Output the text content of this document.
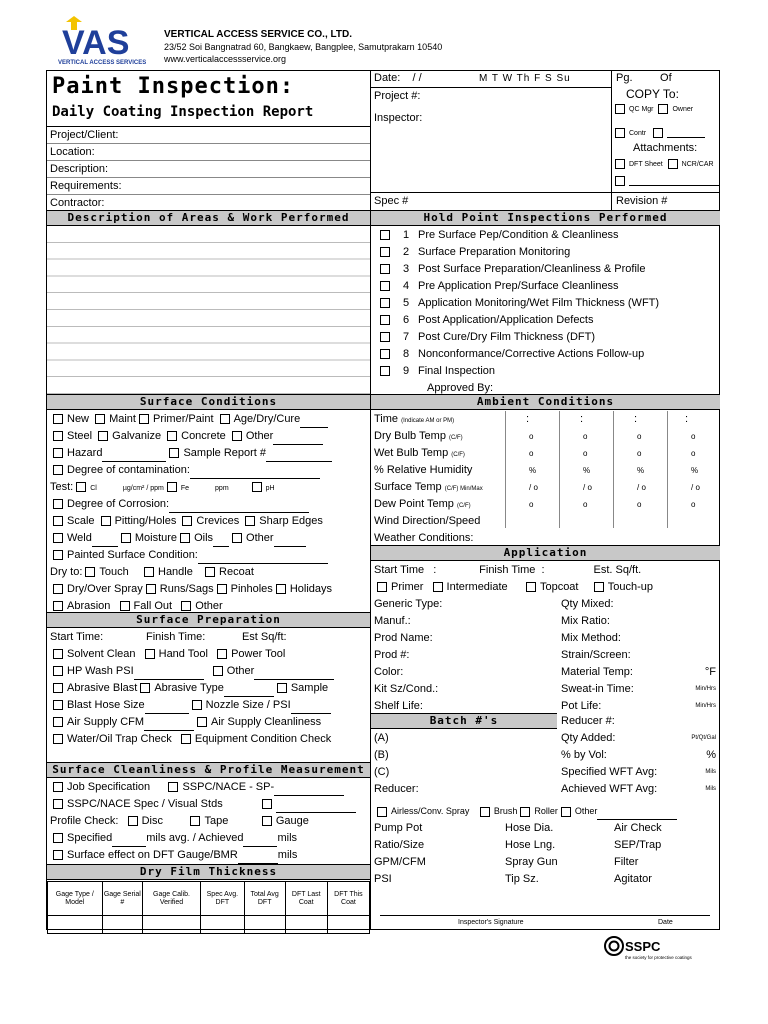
VAS
VERTICAL ACCESS SERVICES
VERTICAL ACCESS SERVICE CO., LTD.
23/52 Soi Bangnatrad 60, Bangkaew, Bangplee, Samutprakarn 10540
www.verticalaccessservice.org
Paint Inspection:
Daily Coating Inspection Report
Project/Client:
Location:
Description:
Requirements:
Contractor:
Date: / /	M T W Th F S Su	Pg.	Of
Project #:
Inspector:
COPY To:
QC Mgr	Owner
Contr
Attachments:
DFT Sheet	NCR/CAR
Spec #	Revision #
Description of Areas & Work Performed	Hold Point Inspections Performed
1 Pre Surface Pep/Condition & Cleanliness
2 Surface Preparation Monitoring
3 Post Surface Preparation/Cleanliness & Profile
4 Pre Application Prep/Surface Cleanliness
5 Application Monitoring/Wet Film Thickness (WFT)
6 Post Application/Application Defects
7 Post Cure/Dry Film Thickness (DFT)
8 Nonconformance/Corrective Actions Follow-up
9 Final Inspection
Approved By:
Surface Conditions	Ambient Conditions
New Maint Primer/Paint Age/Dry/Cure
Steel Galvanize Concrete Other
Hazard	Sample Report #
Degree of contamination:
Test: Cl	µg/cm² / ppm Fe	ppm	pH
Degree of Corrosion:
Scale Pitting/Holes Crevices Sharp Edges
Weld	Moisture Oils	Other
Painted Surface Condition:
Dry to: Touch	Handle Recoat
Dry/Over Spray Runs/Sags Pinholes Holidays
Abrasion Fall Out Other
Time (Indicate AM or PM)	:	:	:	:
Dry Bulb Temp (C/F)	o	o	o	o
Wet Bulb Temp (C/F)	o	o	o	o
% Relative Humidity	%	%	%	%
Surface Temp (C/F) Min/Max	/ o	/ o	/ o	/ o
Dew Point Temp (C/F)	o	o	o	o
Wind Direction/Speed
Weather Conditions:
Application
Surface Preparation
Start Time:	Finish Time:	Est Sq/ft:
Solvent Clean Hand Tool Power Tool
HP Wash PSI	Other
Abrasive Blast Abrasive Type	Sample
Blast Hose Size	Nozzle Size / PSI
Air Supply CFM	Air Supply Cleanliness
Water/Oil Trap Check Equipment Condition Check
Start Time :	Finish Time :	Est. Sq/ft.
Primer Intermediate	Topcoat	Touch-up
Generic Type:	Qty Mixed:
Manuf.:	Mix Ratio:
Prod Name:	Mix Method:
Prod #:	Strain/Screen:
Color:	Material Temp:	°F
Kit Sz/Cond.:	Sweat-in Time:	Min/Hrs
Shelf Life:	Pot Life:	Min/Hrs
Batch #'s	Reducer #:
Qty Added:	Pt/Qt/Gal
% by Vol:	%
Specified WFT Avg:	Mils
Achieved WFT Avg:	Mils
(A)
(B)
(C)
Reducer:
Airless/Conv. Spray	Brush Roller Other
Pump Pot	Hose Dia.	Air Check
Ratio/Size	Hose Lng.	SEP/Trap
GPM/CFM	Spray Gun	Filter
PSI	Tip Sz.	Agitator
Surface Cleanliness & Profile Measurement
Job Specification	SSPC/NACE - SP-
SSPC/NACE Spec / Visual Stds
Profile Check: Disc	Tape	Gauge
Specified	mils avg. / Achieved	mils
Surface effect on DFT Gauge/BMR	mils
Dry Film Thickness
Gage Type / Model	Gage Serial #	Gage Calib. Verified	Spec Avg. DFT	Total Avg DFT	DFT Last Coat	DFT This Coat

Inspector's Signature	Date
SSPC
the society for protective coatings
